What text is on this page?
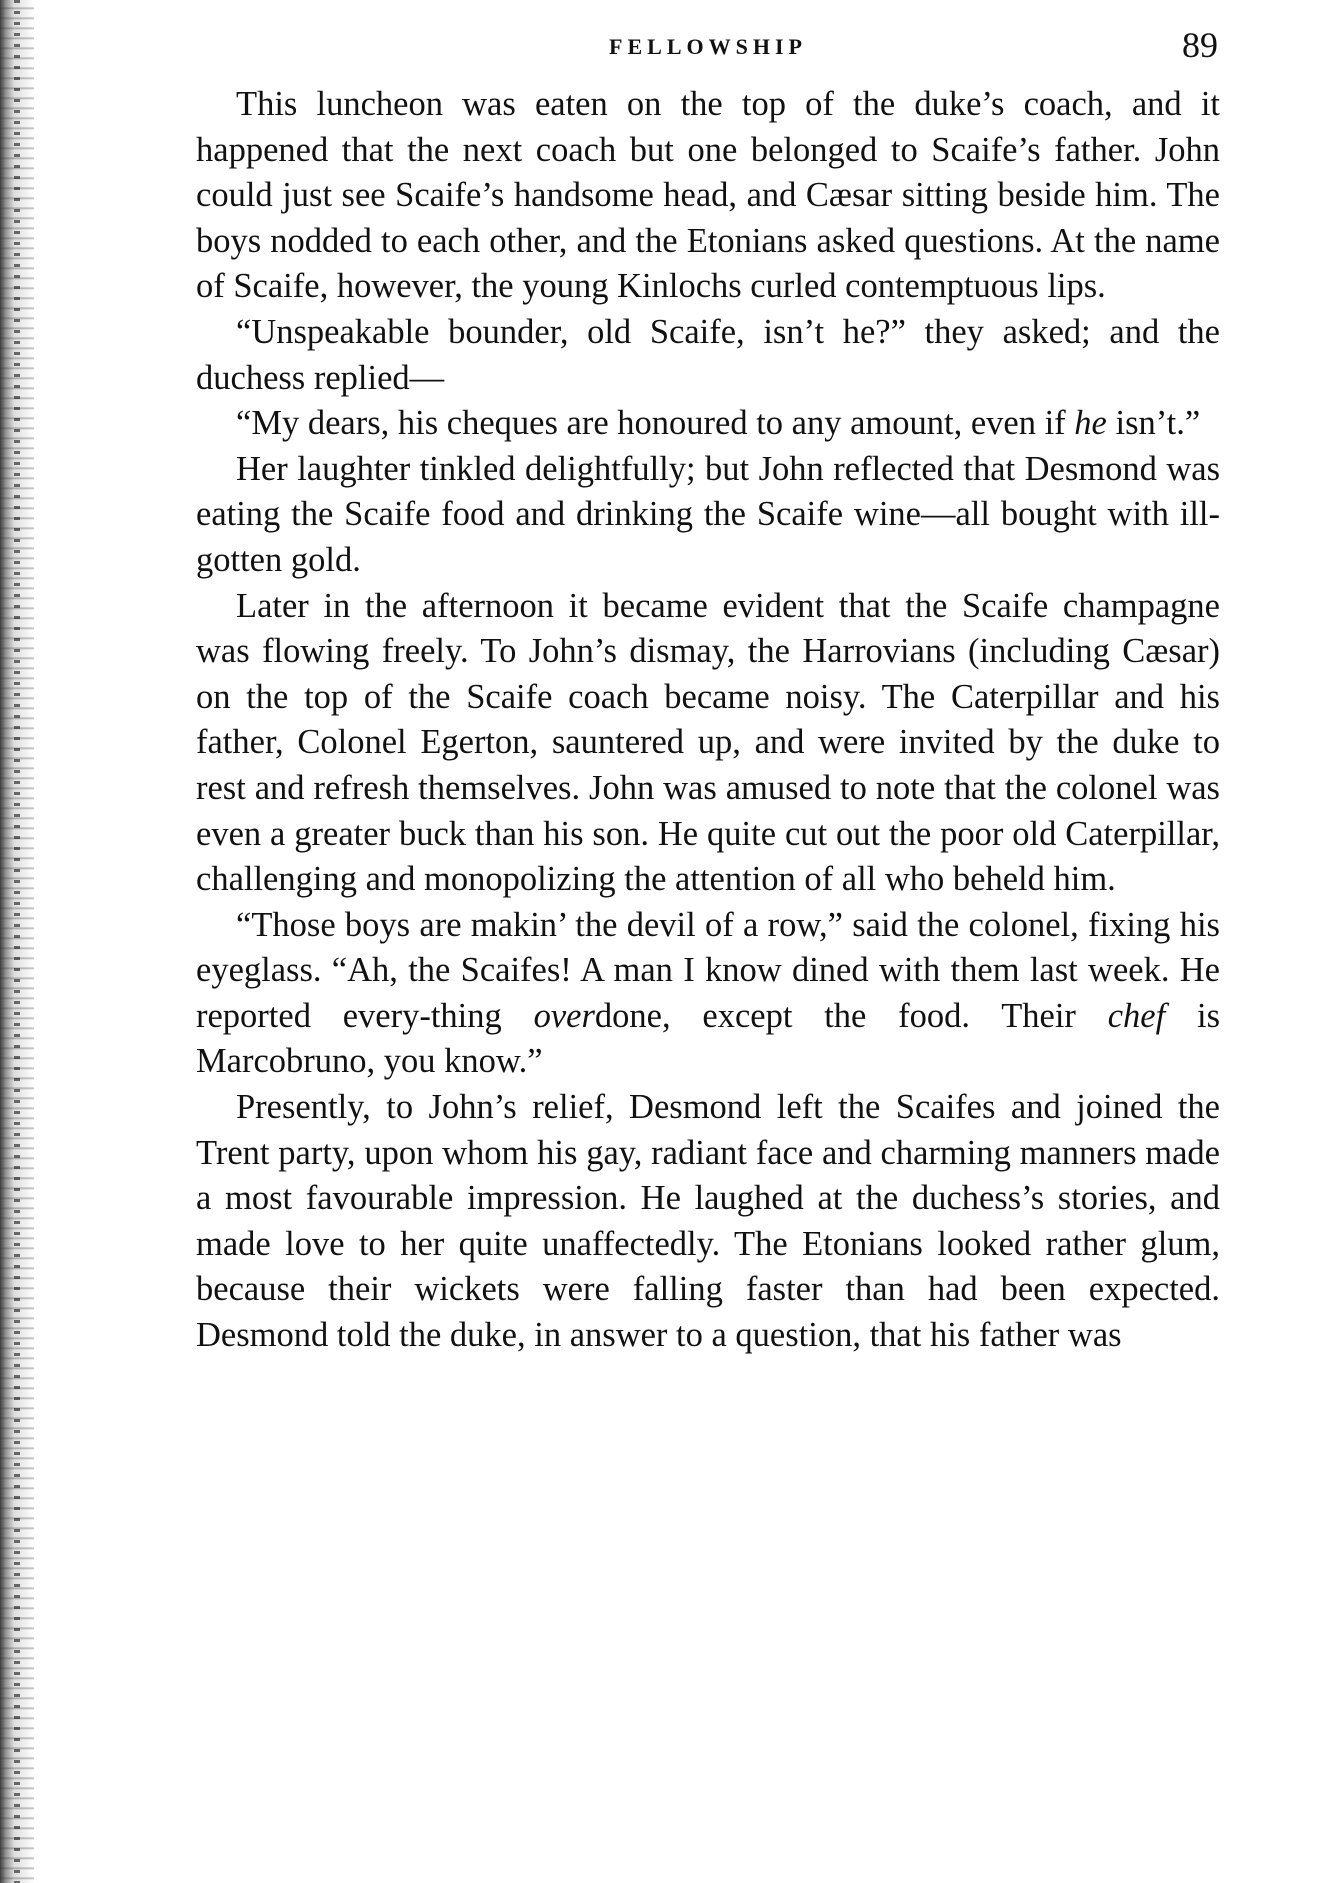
FELLOWSHIP	89

This luncheon was eaten on the top of the duke’s coach, and it happened that the next coach but one belonged to Scaife’s father. John could just see Scaife’s handsome head, and Cæsar sitting beside him. The boys nodded to each other, and the Etonians asked questions. At the name of Scaife, however, the young Kinlochs curled contemptuous lips.

“Unspeakable bounder, old Scaife, isn’t he?” they asked; and the duchess replied—

“My dears, his cheques are honoured to any amount, even if he isn’t.”

Her laughter tinkled delightfully; but John reflected that Desmond was eating the Scaife food and drinking the Scaife wine—all bought with ill-gotten gold.

Later in the afternoon it became evident that the Scaife champagne was flowing freely. To John’s dismay, the Harrovians (including Cæsar) on the top of the Scaife coach became noisy. The Caterpillar and his father, Colonel Egerton, sauntered up, and were invited by the duke to rest and refresh themselves. John was amused to note that the colonel was even a greater buck than his son. He quite cut out the poor old Caterpillar, challenging and monopolizing the attention of all who beheld him.

“Those boys are makin’ the devil of a row,” said the colonel, fixing his eyeglass. “Ah, the Scaifes! A man I know dined with them last week. He reported every-thing overdone, except the food. Their chef is Marcobruno, you know.”

Presently, to John’s relief, Desmond left the Scaifes and joined the Trent party, upon whom his gay, radiant face and charming manners made a most favourable impression. He laughed at the duchess’s stories, and made love to her quite unaffectedly. The Etonians looked rather glum, because their wickets were falling faster than had been expected. Desmond told the duke, in answer to a question, that his father was
